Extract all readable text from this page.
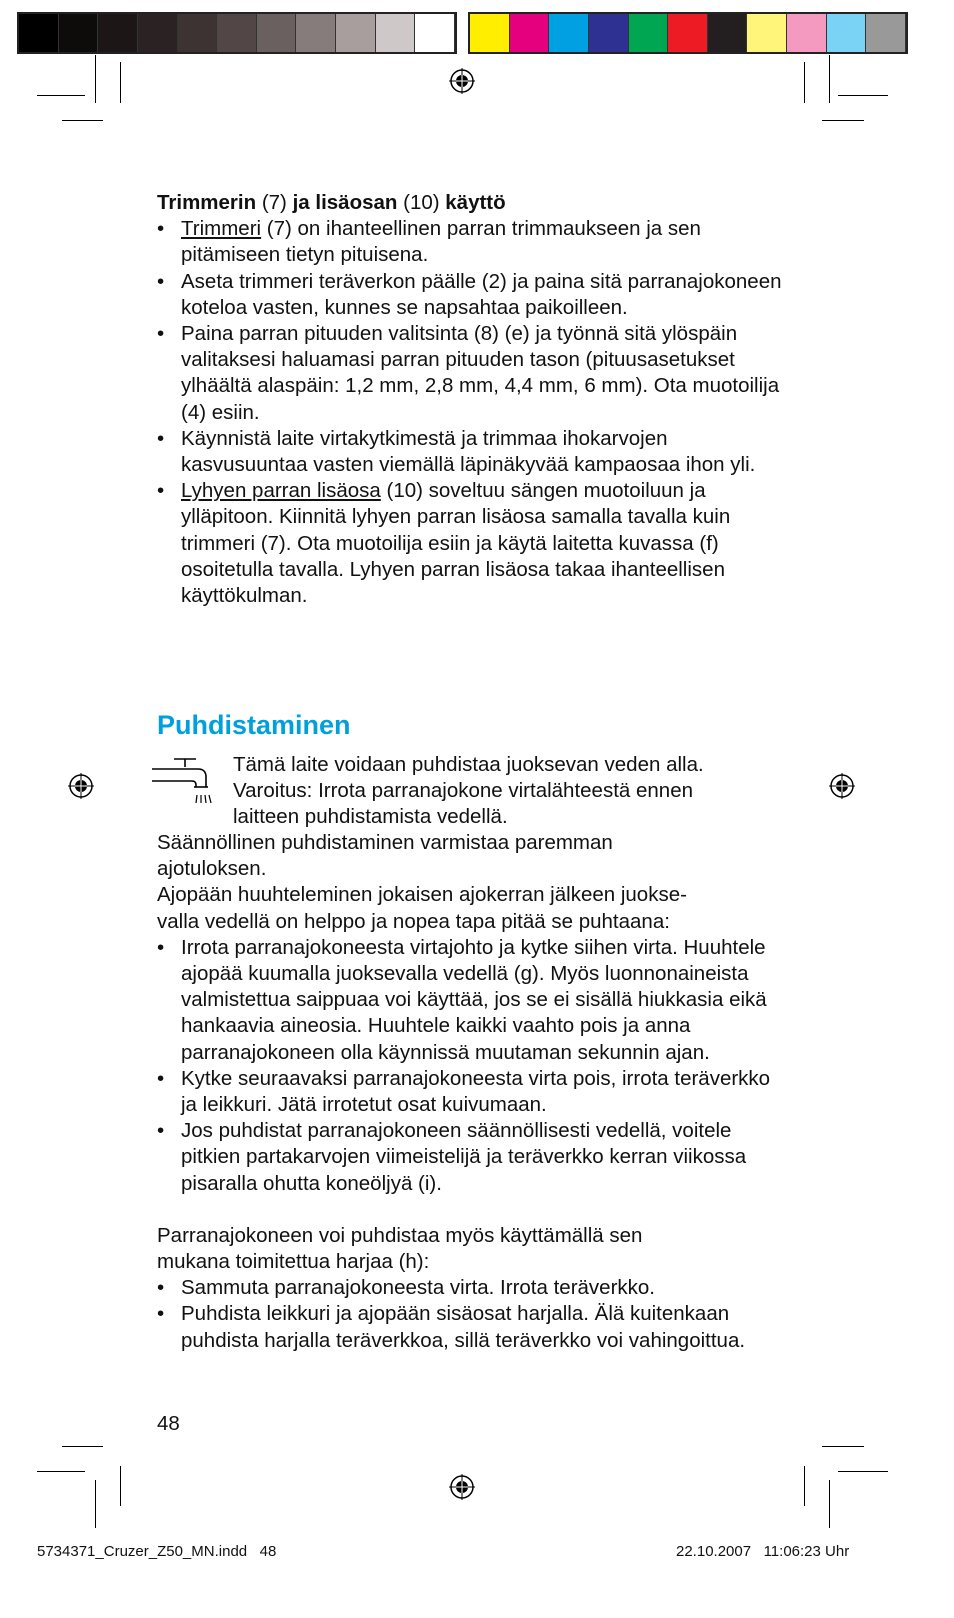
Trimmerin (7) ja lisäosan (10) käyttö

• Trimmeri (7) on ihanteellinen parran trimmaukseen ja sen pitämiseen tietyn pituisena.
• Aseta trimmeri teräverkon päälle (2) ja paina sitä parranajokoneen koteloa vasten, kunnes se napsahtaa paikoilleen.
• Paina parran pituuden valitsinta (8) (e) ja työnnä sitä ylöspäin valitaksesi haluamasi parran pituuden tason (pituusasetukset ylhäältä alaspäin: 1,2 mm, 2,8 mm, 4,4 mm, 6 mm). Ota muotoilija (4) esiin.
• Käynnistä laite virtakytkimestä ja trimmaa ihokarvojen kasvusuuntaa vasten viemällä läpinäkyvää kampaosaa ihon yli.
• Lyhyen parran lisäosa (10) soveltuu sängen muotoiluun ja ylläpitoon. Kiinnitä lyhyen parran lisäosa samalla tavalla kuin trimmeri (7). Ota muotoilija esiin ja käytä laitetta kuvassa (f) osoitetulla tavalla. Lyhyen parran lisäosa takaa ihanteellisen käyttökulman.
Puhdistaminen

Tämä laite voidaan puhdistaa juoksevan veden alla.

Varoitus: Irrota parranajokone virtalähteestä ennen

laitteen puhdistamista vedellä.

Säännöllinen puhdistaminen varmistaa paremman ajotuloksen.

Ajopään huuhteleminen jokaisen ajokerran jälkeen juokse-

valla vedellä on helppo ja nopea tapa pitää se puhtaana:

• Irrota parranajokoneesta virtajohto ja kytke siihen virta. Huuhtele ajopää kuumalla juoksevalla vedellä (g). Myös luonnonaineista valmistettua saippuaa voi käyttää, jos se ei sisällä hiukkasia eikä hankaavia aineosia. Huuhtele kaikki vaahto pois ja anna parranajokoneen olla käynnissä muutaman sekunnin ajan.
• Kytke seuraavaksi parranajokoneesta virta pois, irrota teräverkko ja leikkuri. Jätä irrotetut osat kuivumaan.
• Jos puhdistat parranajokoneen säännöllisesti vedellä, voitele pitkien partakarvojen viimeistelijä ja teräverkko kerran viikossa pisaralla ohutta koneöljyä (i).

Parranajokoneen voi puhdistaa myös käyttämällä sen mukana toimitettua harjaa (h):

• Sammuta parranajokoneesta virta. Irrota teräverkko.
• Puhdista leikkuri ja ajopään sisäosat harjalla. Älä kuitenkaan puhdista harjalla teräverkkoa, sillä teräverkko voi vahingoittua.
48
5734371_Cruzer_Z50_MN.indd   48	22.10.2007   11:06:23 Uhr
